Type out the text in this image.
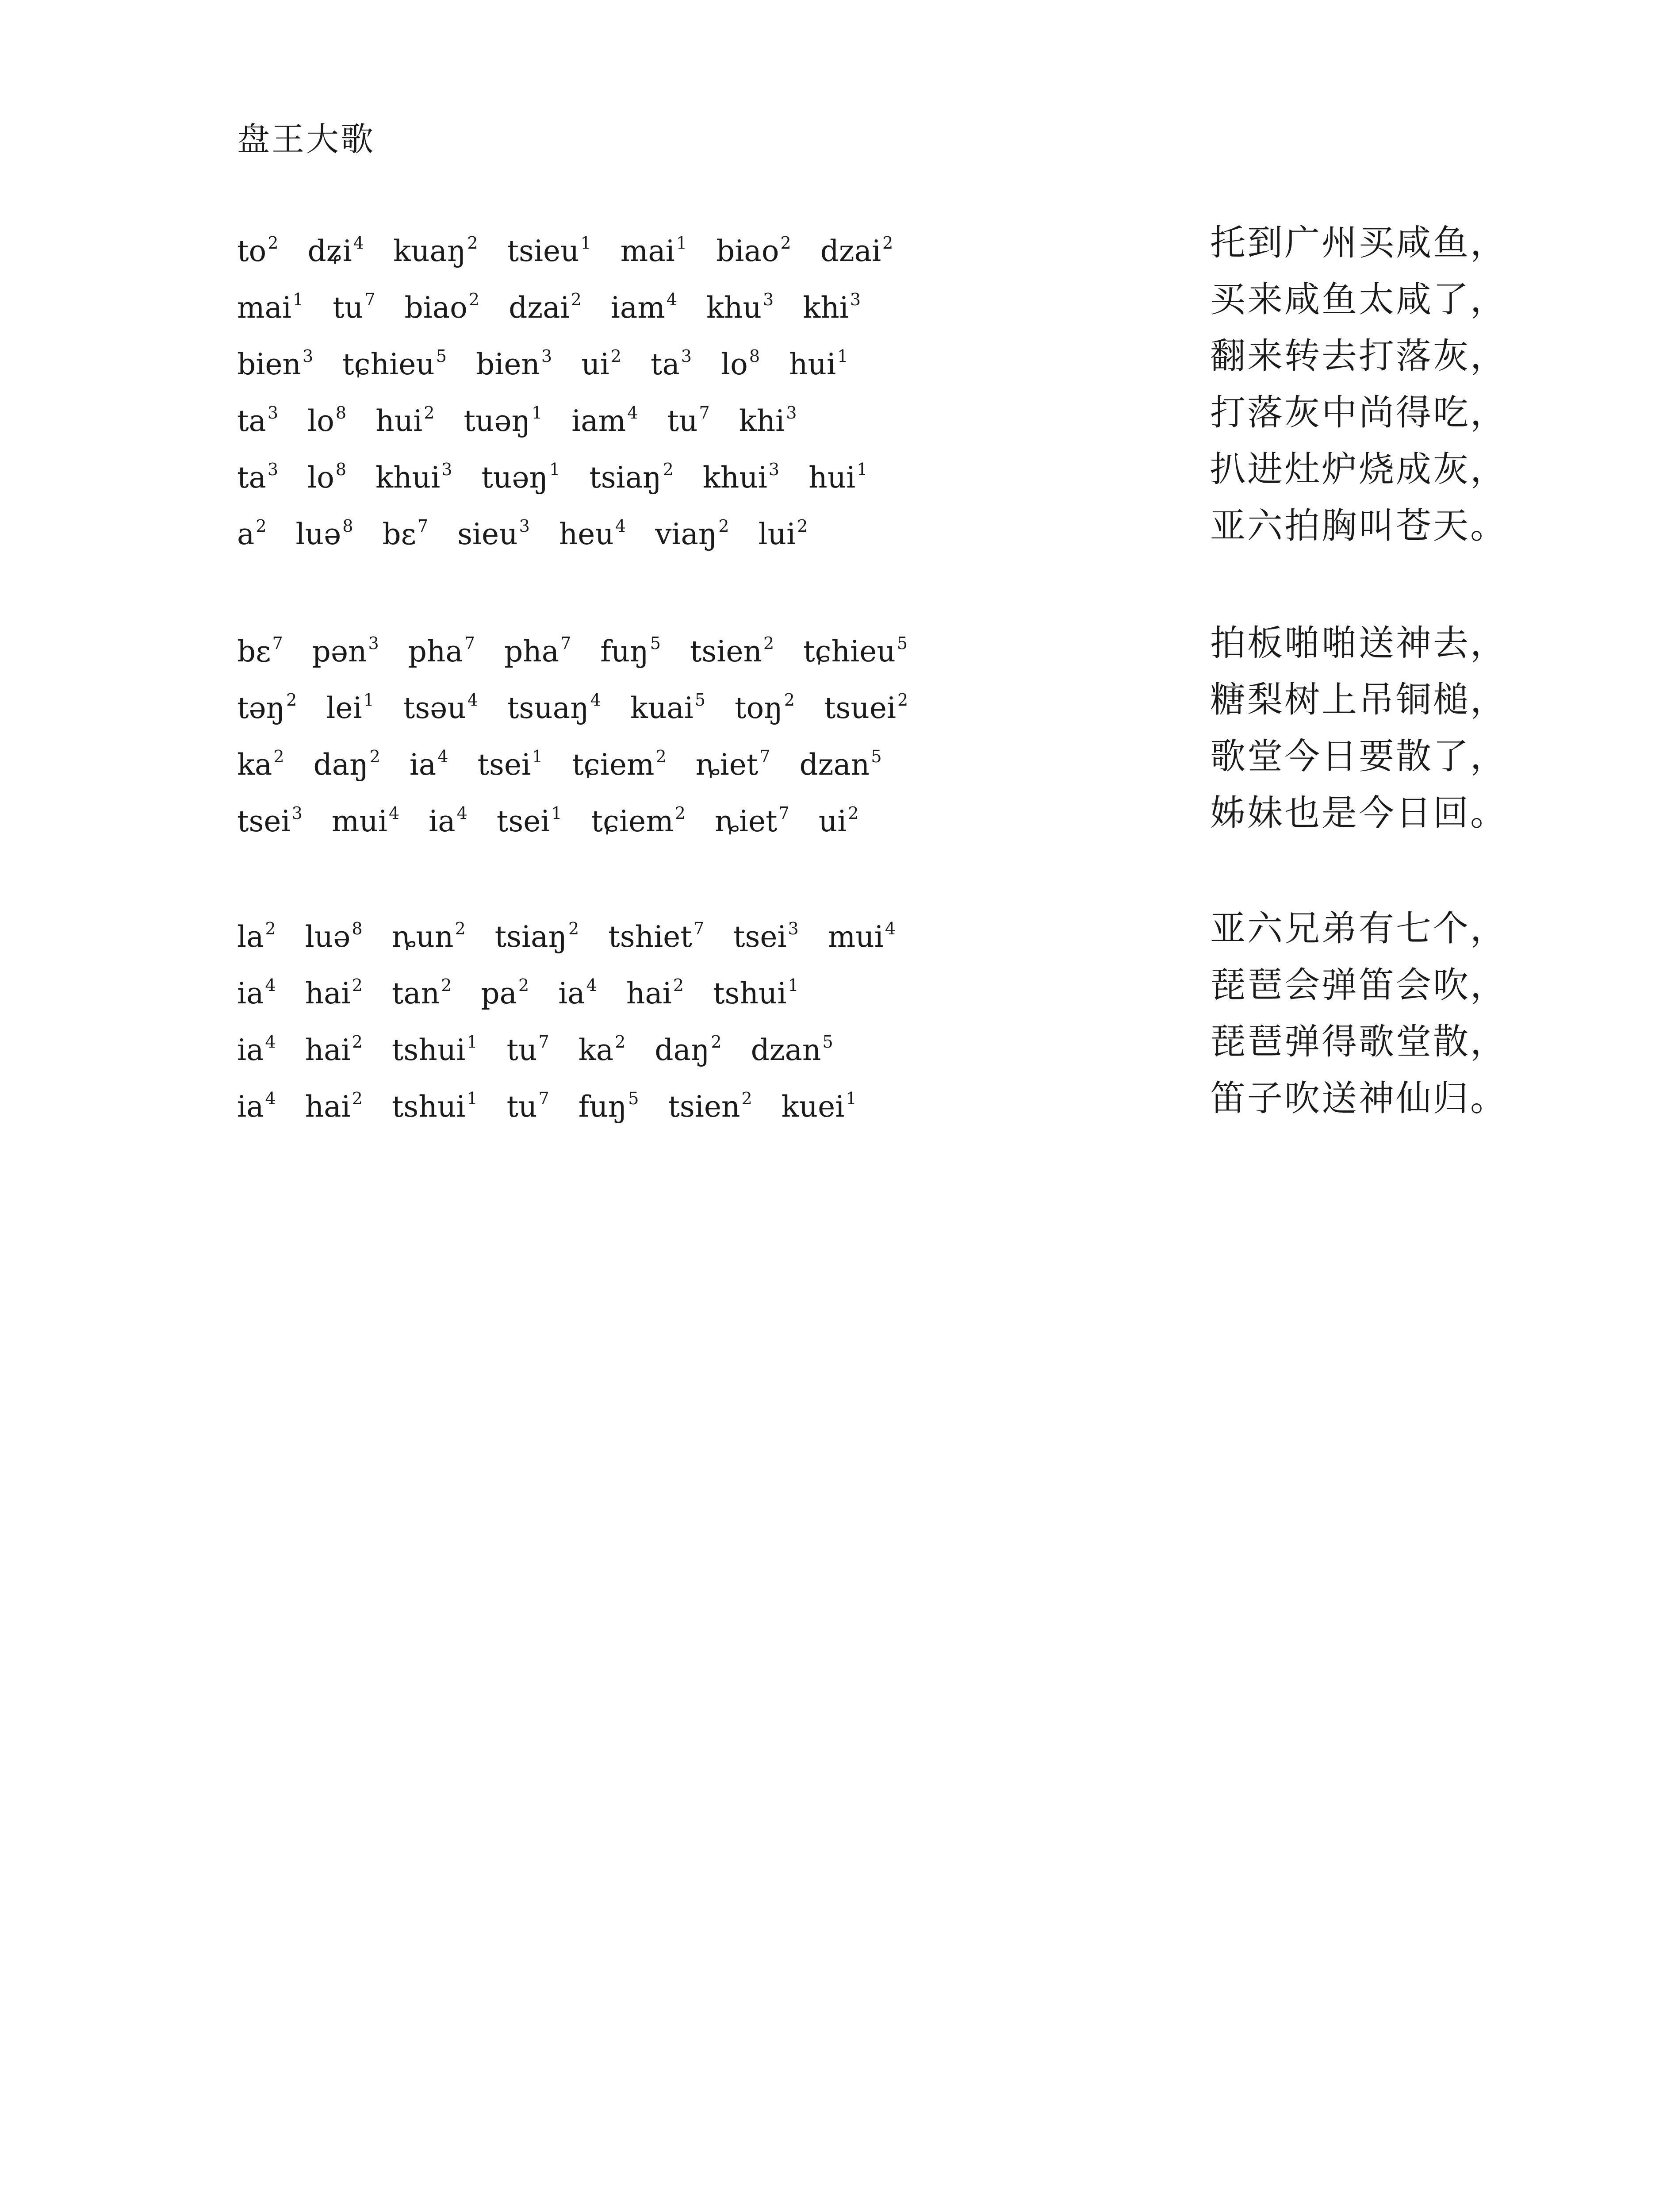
盘王大歌
$to^2$ dʑi$^4$ kuaŋ$^2$ tsieu$^1$ mai$^1$ biao$^2$ dzai$^2$	托到广州买咸鱼，
mai$^1$ $tu^7$ biao$^2$ dzai$^2$ iam$^4$ khu$^3$ khi$^3$	买来咸鱼太咸了，
bien$^3$ tɕhieu$^5$ bien$^3$ $ui^2$ $ta^3$ $lo^8$ hui$^1$	翻来转去打落灰，
$ta^3$ $lo^8$ hui$^2$ tuəŋ$^1$ iam$^4$ $tu^7$ khi$^3$	打落灰中尚得吃，
$ta^3$ $lo^8$ khui$^3$ tuəŋ$^1$ tsiaŋ$^2$ khui$^3$ hui$^1$	扒进灶炉烧成灰，
$a^2$ luə$^8$ bɛ$^7$ sieu$^3$ heu$^4$ viaŋ$^2$ lui$^2$	亚六拍胸叫苍天。
bɛ$^7$ pən$^3$ pha$^7$ pha$^7$ fuŋ$^5$ tsien$^2$ tɕhieu$^5$	拍板啪啪送神去，
təŋ$^2$ lei$^1$ tsəu$^4$ tsuaŋ$^4$ kuai$^5$ toŋ$^2$ tsuei$^2$	糖梨树上吊铜槌，
$ka^2$ daŋ$^2$ $ia^4$ tsei$^1$ tɕiem$^2$ ȵiet$^7$ dzan$^5$	歌堂今日要散了，
tsei$^3$ mui$^4$ $ia^4$ tsei$^1$ tɕiem$^2$ ȵiet$^7$ $ui^2$	姊妹也是今日回。
$la^2$ luə$^8$ ȵun$^2$ tsiaŋ$^2$ tshiet$^7$ tsei$^3$ mui$^4$	亚六兄弟有七个，
$ia^4$ hai$^2$ $\tan^2 pa^2$ $ia^4$ hai$^2$ tshui$^1$	琵琶会弹笛会吹，
$ia^4$ hai$^2$ tshui$^1$ $tu^7$ $ka^2$ daŋ$^2$ dzan$^5$	琵琶弹得歌堂散，
$ia^4$ hai$^2$ tshui$^1$ $tu^7$ fuŋ$^5$ tsien$^2$ kuei$^1$	笛子吹送神仙归。
